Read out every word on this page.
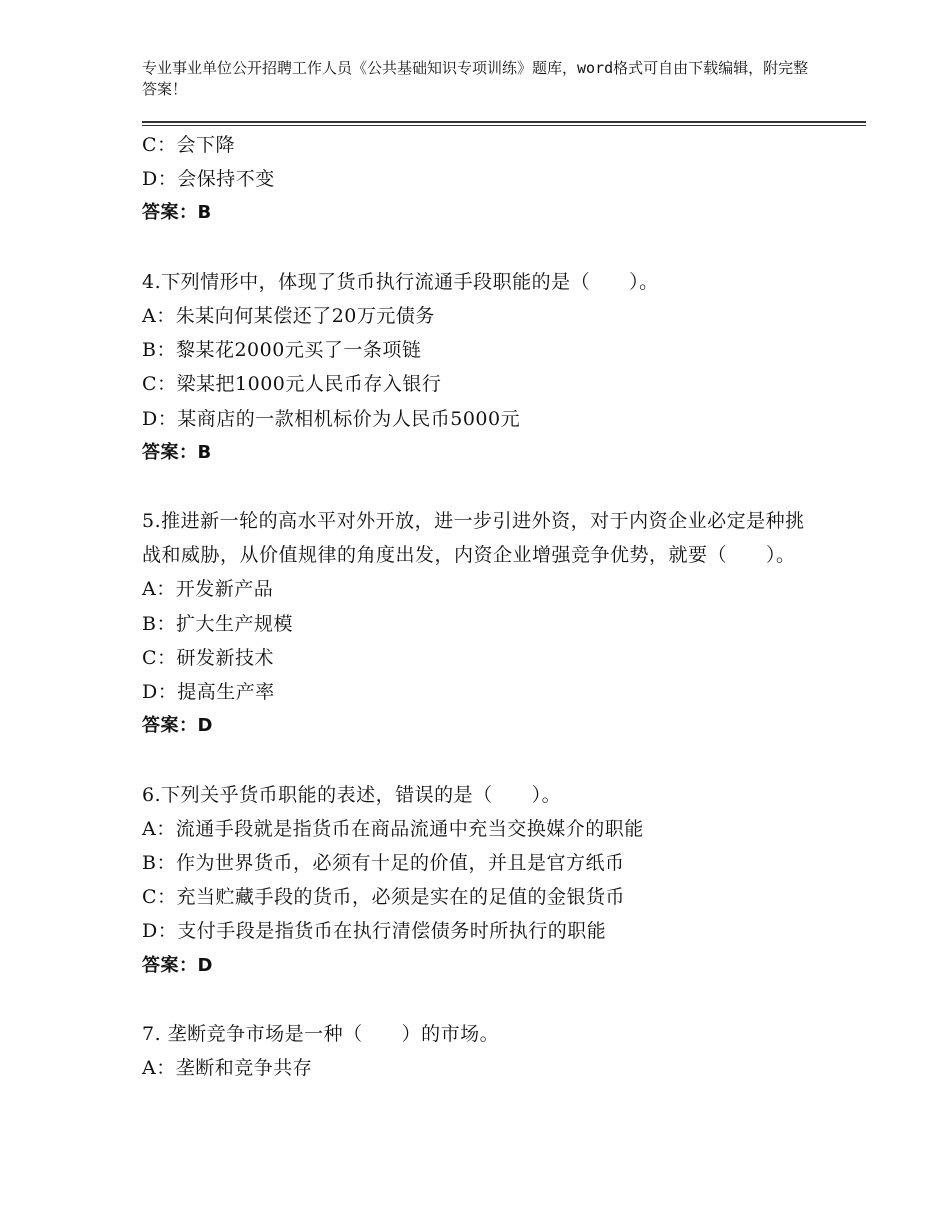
专业事业单位公开招聘工作人员《公共基础知识专项训练》题库，word格式可自由下载编辑，附完整答案！
C：会下降
D：会保持不变
答案：B
4.下列情形中，体现了货币执行流通手段职能的是（　　）。
A：朱某向何某偿还了20万元债务
B：黎某花2000元买了一条项链
C：梁某把1000元人民币存入银行
D：某商店的一款相机标价为人民币5000元
答案：B
5.推进新一轮的高水平对外开放，进一步引进外资，对于内资企业必定是种挑战和威胁，从价值规律的角度出发，内资企业增强竞争优势，就要（　　）。
A：开发新产品
B：扩大生产规模
C：研发新技术
D：提高生产率
答案：D
6.下列关乎货币职能的表述，错误的是（　　）。
A：流通手段就是指货币在商品流通中充当交换媒介的职能
B：作为世界货币，必须有十足的价值，并且是官方纸币
C：充当贮藏手段的货币，必须是实在的足值的金银货币
D：支付手段是指货币在执行清偿债务时所执行的职能
答案：D
7. 垄断竞争市场是一种（　　）的市场。
A：垄断和竞争共存
